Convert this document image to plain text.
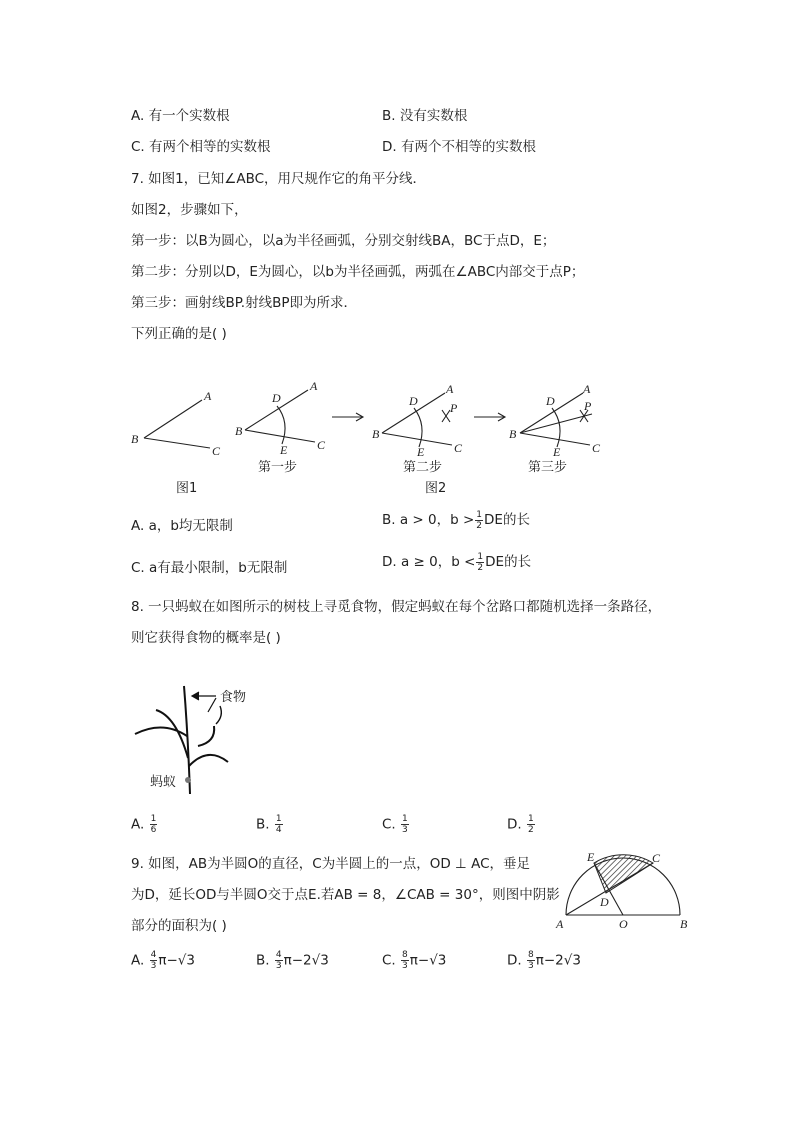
A. 有一个实数根	B. 没有实数根
C. 有两个相等的实数根	D. 有两个不相等的实数根
7. 如图1，已知∠ABC，用尺规作它的角平分线．
如图2，步骤如下，
第一步：以B为圆心，以a为半径画弧，分别交射线BA，BC于点D，E；
第二步：分别以D，E为圆心，以b为半径画弧，两弧在∠ABC内部交于点P；
第三步：画射线BP.射线BP即为所求．
下列正确的是( )
A
B
C
A
B
C
D
E
A
B
C
D
E
P
A
B
C
D
E
P
第一步	第二步	第三步
图1	图2
A. a，b均无限制	B. a > 0，$b > \frac{1}{2}$ DE的长
C. a有最小限制，b无限制	D. a ≥ 0，$b < \frac{1}{2}$ DE的长
8. 一只蚂蚁在如图所示的树枝上寻觅食物，假定蚂蚁在每个岔路口都随机选择一条路径，
则它获得食物的概率是( )
食物
蚂蚁
A. $\frac{1}{6}$	B. $\frac{1}{4}$	C. $\frac{1}{3}$	D. $\frac{1}{2}$
9. 如图，AB为半圆O的直径，C为半圆上的一点，OD ⊥ AC，垂足
为D，延长OD与半圆O交于点E.若AB = 8，∠CAB = 30°，则图中阴影
部分的面积为( )
E	C
D
A	O	B
A. $\frac{4}{3} \pi-√3$	B. $\frac{4}{3} \pi-2√3$	C. $\frac{8}{3} \pi-√3$	D. $\frac{8}{3} \pi-2√3$
